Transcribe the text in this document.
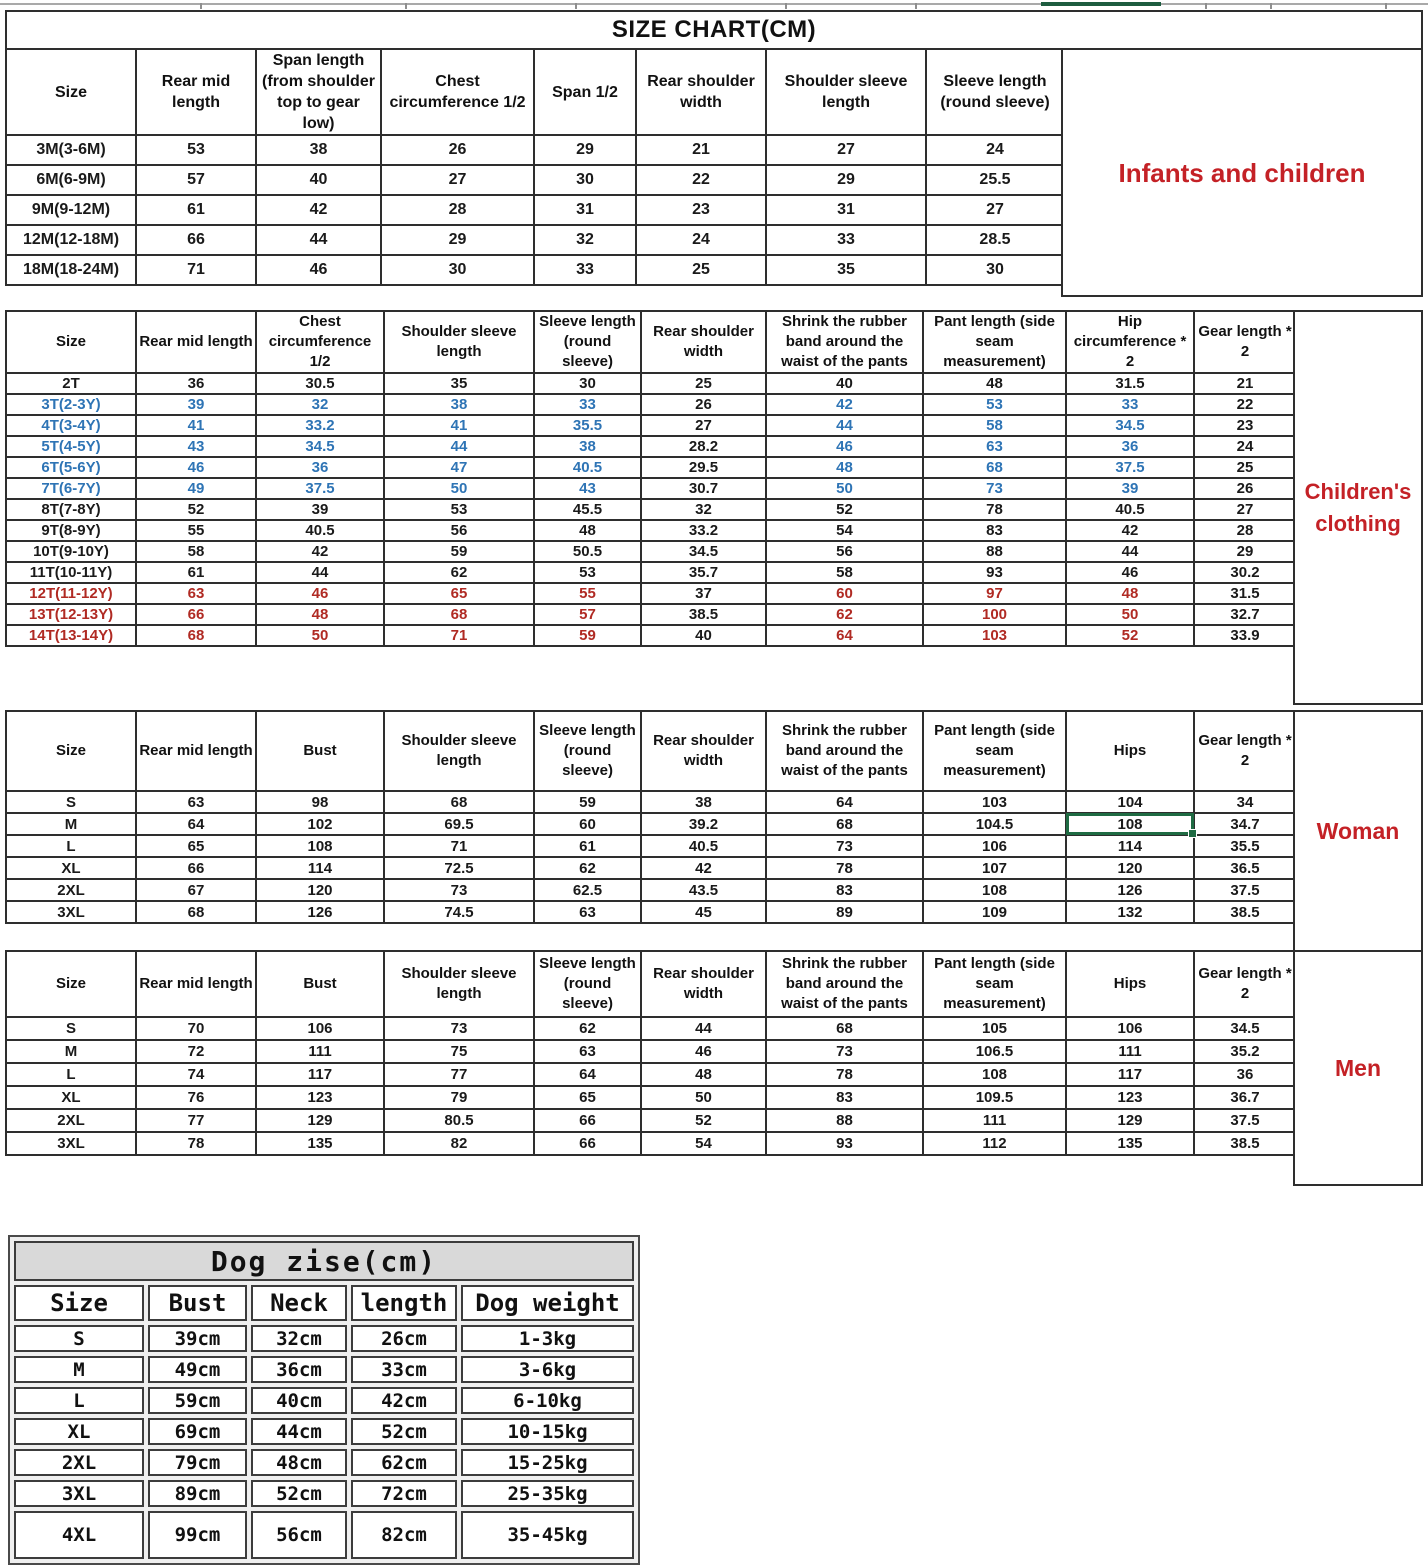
SIZE CHART(CM)
Size	Rear mid length	Span length (from shoulder top to gear low)	Chest circumference 1/2	Span 1/2	Rear shoulder width	Shoulder sleeve length	Sleeve length (round sleeve)
3M(3-6M)	53	38	26	29	21	27	24
6M(6-9M)	57	40	27	30	22	29	25.5
9M(9-12M)	61	42	28	31	23	31	27
12M(12-18M)	66	44	29	32	24	33	28.5
18M(18-24M)	71	46	30	33	25	35	30
Infants and children
Size	Rear mid length	Chest circumference 1/2	Shoulder sleeve length	Sleeve length (round sleeve)	Rear shoulder width	Shrink the rubber band around the waist of the pants	Pant length (side seam measurement)	Hip circumference * 2	Gear length * 2
2T	36	30.5	35	30	25	40	48	31.5	21
3T(2-3Y)	39	32	38	33	26	42	53	33	22
4T(3-4Y)	41	33.2	41	35.5	27	44	58	34.5	23
5T(4-5Y)	43	34.5	44	38	28.2	46	63	36	24
6T(5-6Y)	46	36	47	40.5	29.5	48	68	37.5	25
7T(6-7Y)	49	37.5	50	43	30.7	50	73	39	26
8T(7-8Y)	52	39	53	45.5	32	52	78	40.5	27
9T(8-9Y)	55	40.5	56	48	33.2	54	83	42	28
10T(9-10Y)	58	42	59	50.5	34.5	56	88	44	29
11T(10-11Y)	61	44	62	53	35.7	58	93	46	30.2
12T(11-12Y)	63	46	65	55	37	60	97	48	31.5
13T(12-13Y)	66	48	68	57	38.5	62	100	50	32.7
14T(13-14Y)	68	50	71	59	40	64	103	52	33.9
Children's clothing
Size	Rear mid length	Bust	Shoulder sleeve length	Sleeve length (round sleeve)	Rear shoulder width	Shrink the rubber band around the waist of the pants	Pant length (side seam measurement)	Hips	Gear length * 2
S	63	98	68	59	38	64	103	104	34
M	64	102	69.5	60	39.2	68	104.5	108	34.7
L	65	108	71	61	40.5	73	106	114	35.5
XL	66	114	72.5	62	42	78	107	120	36.5
2XL	67	120	73	62.5	43.5	83	108	126	37.5
3XL	68	126	74.5	63	45	89	109	132	38.5
Woman
Size	Rear mid length	Bust	Shoulder sleeve length	Sleeve length (round sleeve)	Rear shoulder width	Shrink the rubber band around the waist of the pants	Pant length (side seam measurement)	Hips	Gear length * 2
S	70	106	73	62	44	68	105	106	34.5
M	72	111	75	63	46	73	106.5	111	35.2
L	74	117	77	64	48	78	108	117	36
XL	76	123	79	65	50	83	109.5	123	36.7
2XL	77	129	80.5	66	52	88	111	129	37.5
3XL	78	135	82	66	54	93	112	135	38.5
Men
Dog zise(cm)				
Size	Bust	Neck	length	Dog weight
S	39cm	32cm	26cm	1-3kg
M	49cm	36cm	33cm	3-6kg
L	59cm	40cm	42cm	6-10kg
XL	69cm	44cm	52cm	10-15kg
2XL	79cm	48cm	62cm	15-25kg
3XL	89cm	52cm	72cm	25-35kg
4XL	99cm	56cm	82cm	35-45kg
